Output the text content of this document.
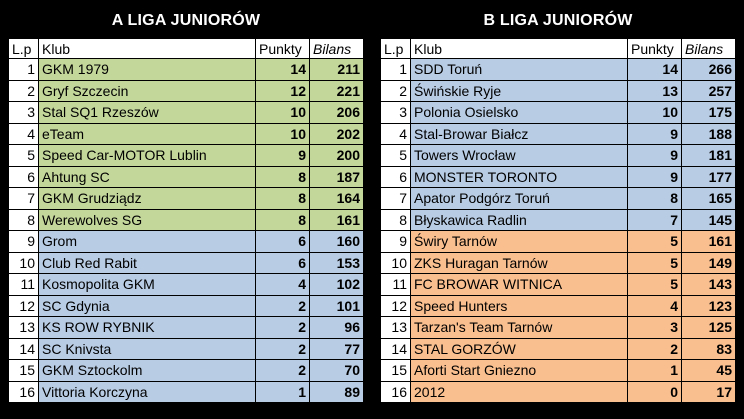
A LIGA JUNIORÓW
L.p	Klub	Punkty	Bilans
1	GKM 1979	14	211
2	Gryf Szczecin	12	221
3	Stal SQ1 Rzeszów	10	206
4	eTeam	10	202
5	Speed Car-MOTOR Lublin	9	200
6	Ahtung SC	8	187
7	GKM Grudziądz	8	164
8	Werewolves SG	8	161
9	Grom	6	160
10	Club Red Rabit	6	153
11	Kosmopolita GKM	4	102
12	SC Gdynia	2	101
13	KS ROW RYBNIK	2	96
14	SC Knivsta	2	77
15	GKM Sztockolm	2	70
16	Vittoria Korczyna	1	89
B LIGA JUNIORÓW
L.p	Klub	Punkty	Bilans
1	SDD Toruń	14	266
2	Świńskie Ryje	13	257
3	Polonia Osielsko	10	175
4	Stal-Browar Białcz	9	188
5	Towers Wrocław	9	181
6	MONSTER TORONTO	9	177
7	Apator Podgórz Toruń	8	165
8	Błyskawica Radlin	7	145
9	Świry Tarnów	5	161
10	ZKS Huragan Tarnów	5	149
11	FC BROWAR WITNICA	5	143
12	Speed Hunters	4	123
13	Tarzan's Team Tarnów	3	125
14	STAL GORZÓW	2	83
15	Aforti Start Gniezno	1	45
16	2012	0	17
